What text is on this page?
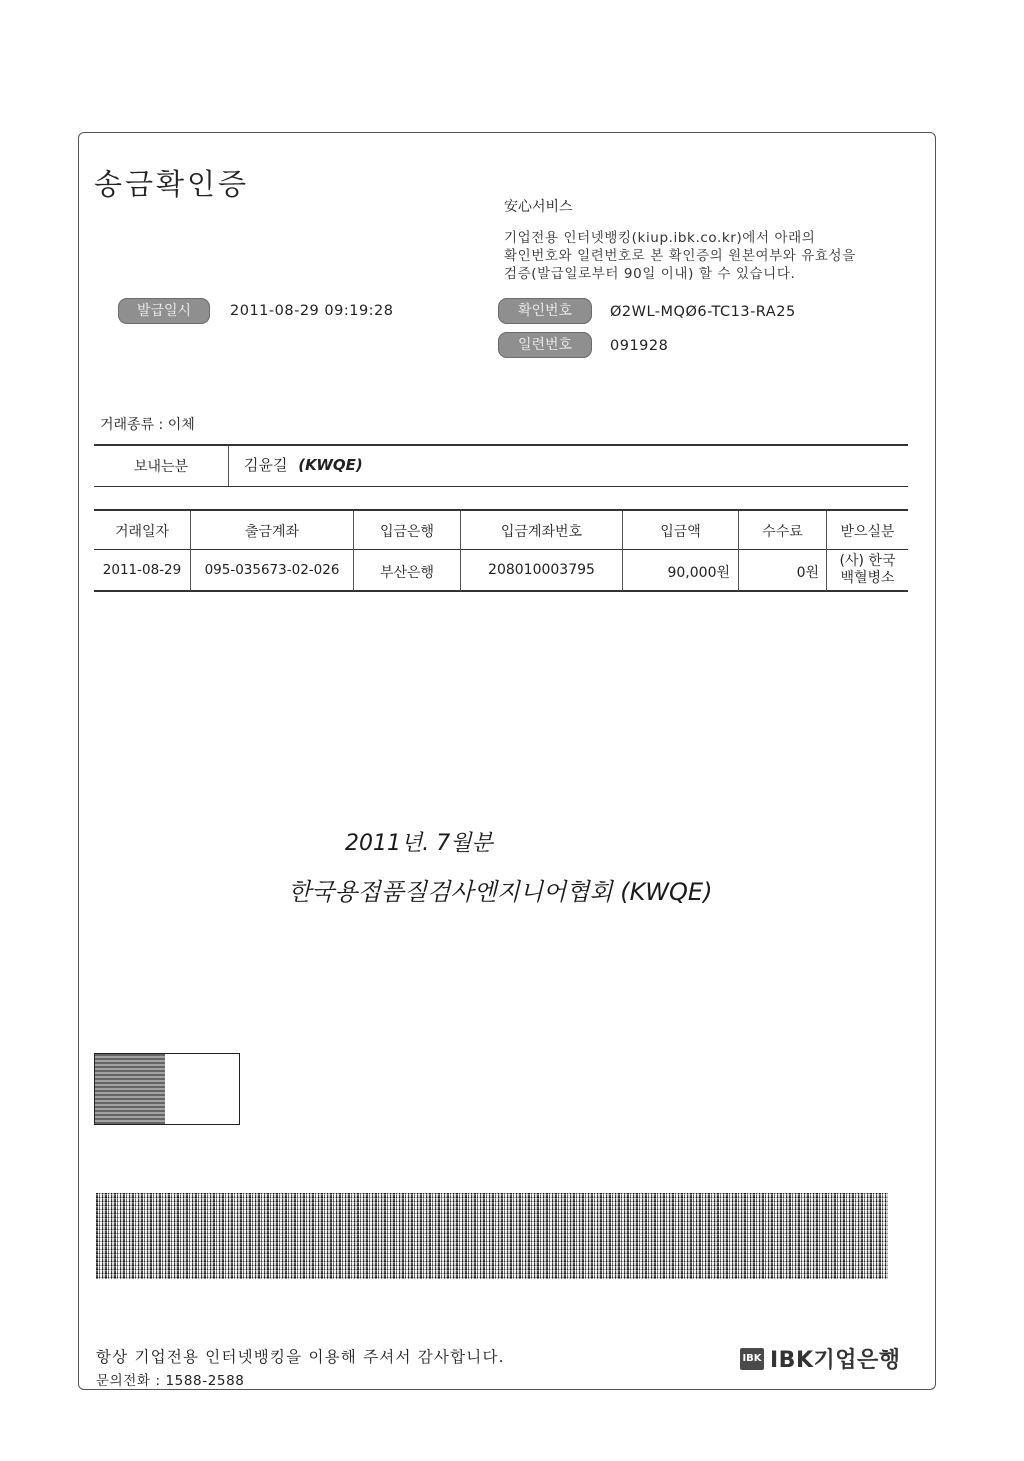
송금확인증
安心서비스
기업전용 인터넷뱅킹(kiup.ibk.co.kr)에서 아래의
확인번호와 일련번호로 본 확인증의 원본여부와 유효성을
검증(발급일로부터 90일 이내) 할 수 있습니다.
발급일시	2011-08-29 09:19:28	확인번호	Ø2WL-MQØ6-TC13-RA25
일련번호	091928
거래종류 : 이체
보내는분	김윤길 (KWQE)
거래일자	출금계좌	입금은행	입금계좌번호	입금액	수수료	받으실분
2011-08-29	095-035673-02-026	부산은행	208010003795	90,000원	0원
(사) 한국
백혈병소
2011년. 7월분
한국용접품질검사엔지니어협회 (KWQE)
항상 기업전용 인터넷뱅킹을 이용해 주셔서 감사합니다.
문의전화 : 1588-2588
IBK IBK기업은행
